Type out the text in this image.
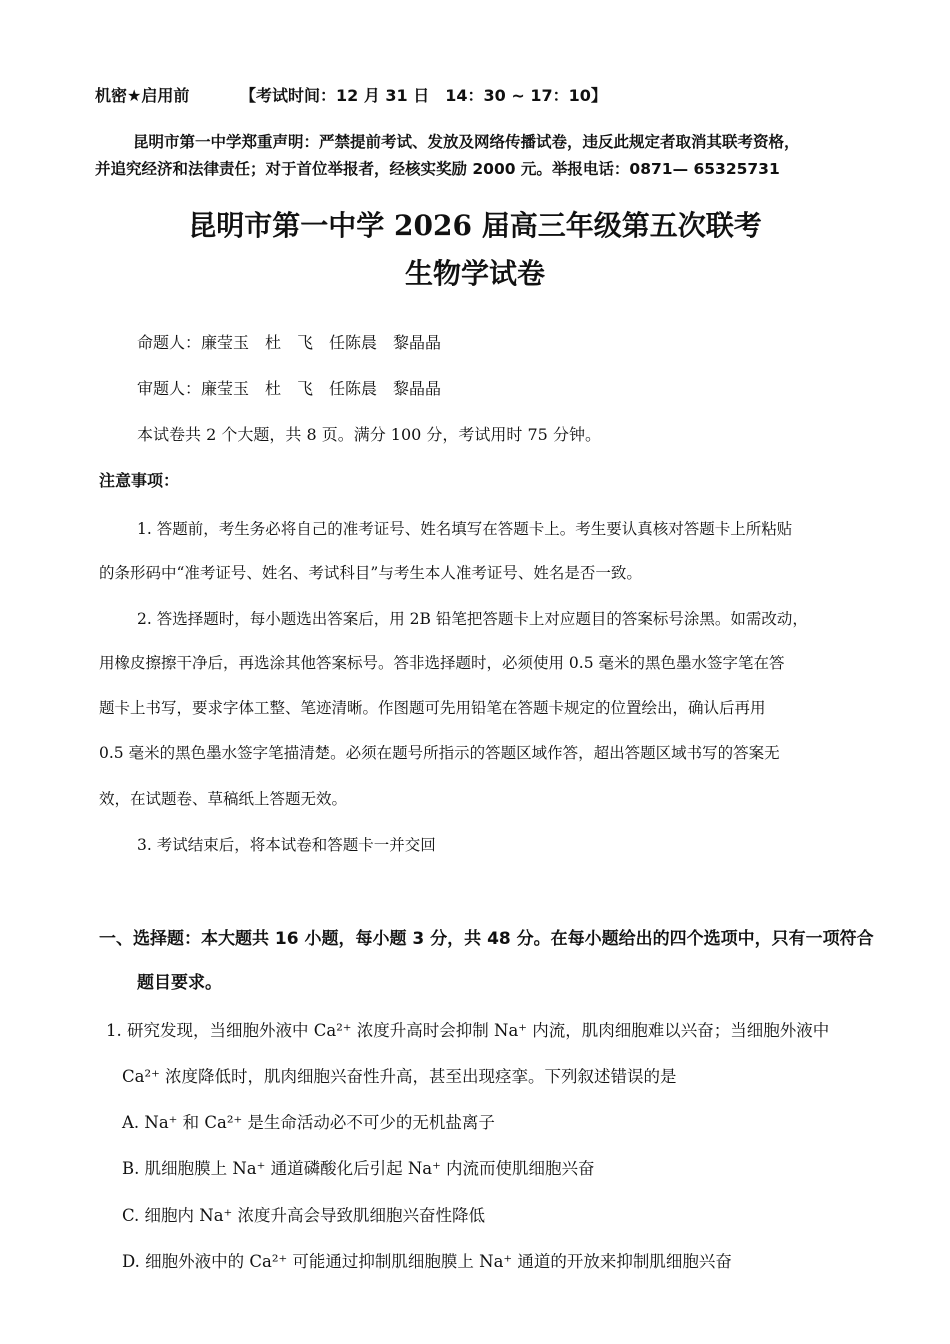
机密★启用前	【考试时间：12 月 31 日　14：30 ~ 17：10】
昆明市第一中学郑重声明：严禁提前考试、发放及网络传播试卷，违反此规定者取消其联考资格，
并追究经济和法律责任；对于首位举报者，经核实奖励 2000 元。举报电话：0871— 65325731
昆明市第一中学 2026 届高三年级第五次联考
生物学试卷
命题人：廉莹玉　杜　飞　任陈晨　黎晶晶
审题人：廉莹玉　杜　飞　任陈晨　黎晶晶
本试卷共 2 个大题，共 8 页。满分 100 分，考试用时 75 分钟。
注意事项：
1. 答题前，考生务必将自己的准考证号、姓名填写在答题卡上。考生要认真核对答题卡上所粘贴
的条形码中“准考证号、姓名、考试科目”与考生本人准考证号、姓名是否一致。
2. 答选择题时，每小题选出答案后，用 2B 铅笔把答题卡上对应题目的答案标号涂黑。如需改动，
用橡皮擦擦干净后，再选涂其他答案标号。答非选择题时，必须使用 0.5 毫米的黑色墨水签字笔在答
题卡上书写，要求字体工整、笔迹清晰。作图题可先用铅笔在答题卡规定的位置绘出，确认后再用
0.5 毫米的黑色墨水签字笔描清楚。必须在题号所指示的答题区域作答，超出答题区域书写的答案无
效，在试题卷、草稿纸上答题无效。
3. 考试结束后，将本试卷和答题卡一并交回
一、选择题：本大题共 16 小题，每小题 3 分，共 48 分。在每小题给出的四个选项中，只有一项符合
题目要求。
1. 研究发现，当细胞外液中 Ca²⁺ 浓度升高时会抑制 Na⁺ 内流，肌肉细胞难以兴奋；当细胞外液中
Ca²⁺ 浓度降低时，肌肉细胞兴奋性升高，甚至出现痉挛。下列叙述错误的是
A. Na⁺ 和 Ca²⁺ 是生命活动必不可少的无机盐离子
B. 肌细胞膜上 Na⁺ 通道磷酸化后引起 Na⁺ 内流而使肌细胞兴奋
C. 细胞内 Na⁺ 浓度升高会导致肌细胞兴奋性降低
D. 细胞外液中的 Ca²⁺ 可能通过抑制肌细胞膜上 Na⁺ 通道的开放来抑制肌细胞兴奋
